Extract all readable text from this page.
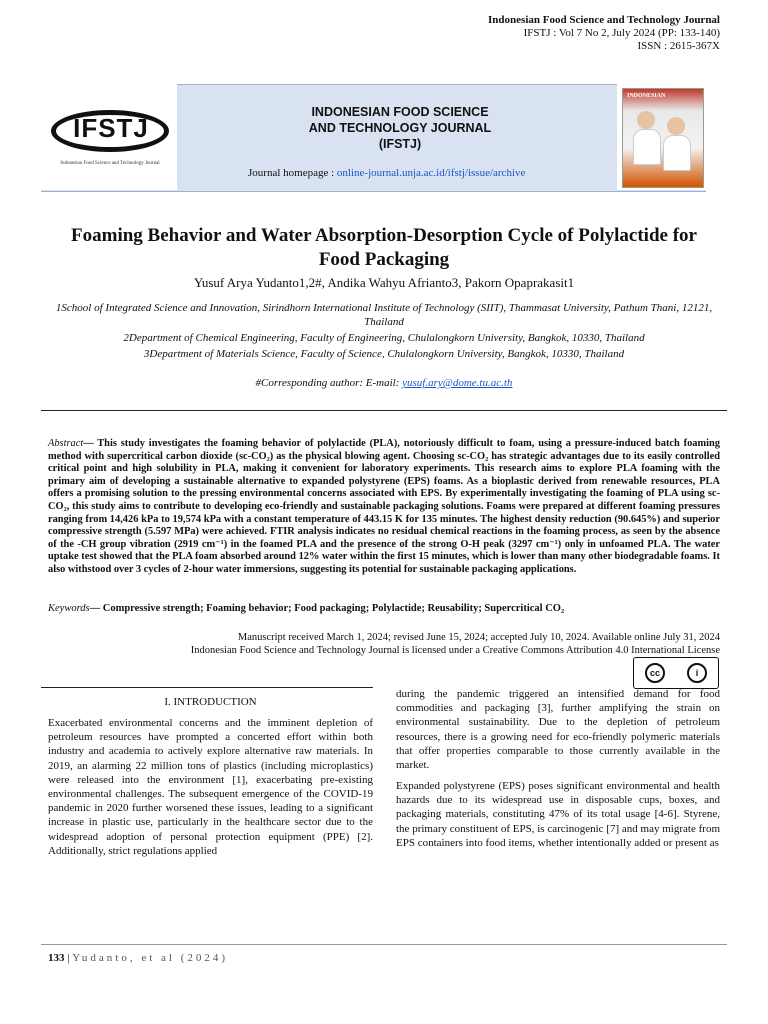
Indonesian Food Science and Technology Journal
IFSTJ : Vol 7 No 2, July 2024 (PP: 133-140)
ISSN : 2615-367X
IFSTJ
Indonesian Food Science and Technology Journal
INDONESIAN
INDONESIAN FOOD SCIENCE
AND TECHNOLOGY JOURNAL
(IFSTJ)
Journal homepage : online-journal.unja.ac.id/ifstj/issue/archive
Foaming Behavior and Water Absorption-Desorption Cycle of Polylactide for Food Packaging
Yusuf Arya Yudanto1,2#, Andika Wahyu Afrianto3, Pakorn Opaprakasit1
1School of Integrated Science and Innovation, Sirindhorn International Institute of Technology (SIIT), Thammasat University, Pathum Thani, 12121, Thailand
2Department of Chemical Engineering, Faculty of Engineering, Chulalongkorn University, Bangkok, 10330, Thailand
3Department of Materials Science, Faculty of Science, Chulalongkorn University, Bangkok, 10330, Thailand
#Corresponding author: E-mail: yusuf.ary@dome.tu.ac.th
Abstract— This study investigates the foaming behavior of polylactide (PLA), notoriously difficult to foam, using a pressure-induced batch foaming method with supercritical carbon dioxide (sc-CO₂) as the physical blowing agent. Choosing sc-CO₂ has strategic advantages due to its easily controlled critical point and high solubility in PLA, making it convenient for laboratory experiments. This research aims to explore PLA foaming with the primary aim of developing a sustainable alternative to expanded polystyrene (EPS) foams. As a bioplastic derived from renewable resources, PLA offers a promising solution to the pressing environmental concerns associated with EPS. By experimentally investigating the foaming of PLA using sc-CO₂, this study aims to contribute to developing eco-friendly and sustainable packaging solutions. Foams were prepared at different foaming pressures ranging from 14,426 kPa to 19,574 kPa with a constant temperature of 443.15 K for 135 minutes. The highest density reduction (90.645%) and superior compressive strength (5.597 MPa) were achieved. FTIR analysis indicates no residual chemical reactions in the foaming process, as seen by the absence of the -CH group vibration (2919 cm⁻¹) in the foamed PLA and the presence of the strong O-H peak (3297 cm⁻¹) only in unfoamed PLA. The water uptake test showed that the PLA foam absorbed around 12% water within the first 15 minutes, which is lower than many other biodegradable foams. It also withstood over 3 cycles of 2-hour water immersions, suggesting its potential for sustainable packaging applications.
Keywords— Compressive strength; Foaming behavior; Food packaging; Polylactide; Reusability; Supercritical CO₂
Manuscript received March 1, 2024; revised June 15, 2024; accepted July 10, 2024. Available online July 31, 2024
Indonesian Food Science and Technology Journal is licensed under a Creative Commons Attribution 4.0 International License
cc	i
I. INTRODUCTION
Exacerbated environmental concerns and the imminent depletion of petroleum resources have prompted a concerted effort within both industry and academia to actively explore alternative raw materials. In 2019, an alarming 22 million tons of plastics (including microplastics) were released into the environment [1], exacerbating pre-existing environmental challenges. The subsequent emergence of the COVID-19 pandemic in 2020 further worsened these issues, leading to a significant increase in plastic use, particularly in the healthcare sector due to the widespread adoption of personal protection equipment (PPE) [2]. Additionally, strict regulations applied
during the pandemic triggered an intensified demand for food commodities and packaging [3], further amplifying the strain on environmental sustainability. Due to the depletion of petroleum resources, there is a growing need for eco-friendly polymeric materials that offer properties comparable to those currently available in the market.
Expanded polystyrene (EPS) poses significant environmental and health hazards due to its widespread use in disposable cups, boxes, and packaging materials, constituting 47% of its total usage [4-6]. Styrene, the primary constituent of EPS, is carcinogenic [7] and may migrate from EPS containers into food items, whether intentionally added or present as
133 | Yudanto, et al (2024)
